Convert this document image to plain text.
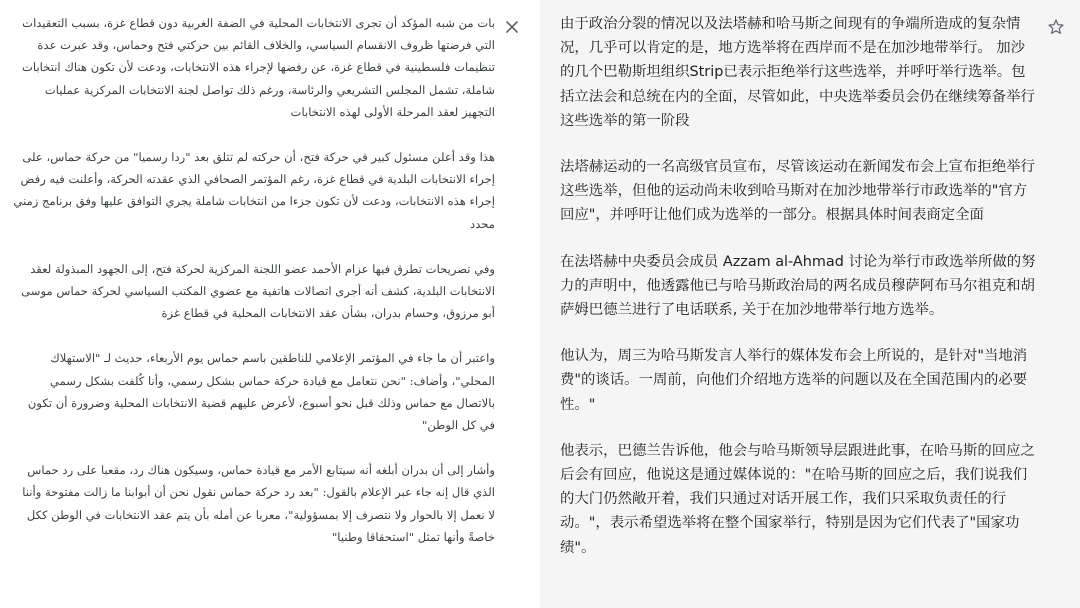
بات من شبه المؤكد أن تجرى الانتخابات المحلية في الضفة الغربية دون قطاع غزة، بسبب التعقيدات التي فرضتها ظروف الانقسام السياسي، والخلاف القائم بين حركتي فتح وحماس، وقد عبرت عدة تنظيمات فلسطينية في قطاع غزة، عن رفضها لإجراء هذه الانتخابات، ودعت لأن تكون هناك انتخابات شاملة، تشمل المجلس التشريعي والرئاسة، ورغم ذلك تواصل لجنة الانتخابات المركزية عمليات التجهيز لعقد المرحلة الأولى لهذه الانتخابات

هذا وقد أعلن مسئول كبير في حركة فتح، أن حركته لم تتلق بعد "ردا رسميا" من حركة حماس، على إجراء الانتخابات البلدية في قطاع غزة، رغم المؤتمر الصحافي الذي عقدته الحركة، وأعلنت فيه رفض إجراء هذه الانتخابات، ودعت لأن تكون جزءا من انتخابات شاملة يجري التوافق عليها وفق برنامج زمني محدد

وفي تصريحات تطرق فيها عزام الأحمد عضو اللجنة المركزية لحركة فتح، إلى الجهود المبذولة لعقد الانتخابات البلدية، كشف أنه أجرى اتصالات هاتفية مع عضوي المكتب السياسي لحركة حماس موسى أبو مرزوق، وحسام بدران، بشأن عقد الانتخابات المحلية في قطاع غزة

واعتبر أن ما جاء في المؤتمر الإعلامي للناطقين باسم حماس يوم الأربعاء، حديث لـ "الاستهلاك المحلي"، وأضاف: "نحن نتعامل مع قيادة حركة حماس بشكل رسمي، وأنا كُلفت بشكل رسمي بالاتصال مع حماس وذلك قبل نحو أسبوع، لأعرض عليهم قضية الانتخابات المحلية وضرورة أن تكون في كل الوطن"

وأشار إلى أن بدران أبلغه أنه سيتابع الأمر مع قيادة حماس، وسيكون هناك رد، مقعبا على رد حماس الذي قال إنه جاء عبر الإعلام بالقول: "بعد رد حركة حماس نقول نحن أن أبوابنا ما زالت مفتوحة وأننا لا نعمل إلا بالحوار ولا نتصرف إلا بمسؤولية"، معربا عن أمله بأن يتم عقد الانتخابات في الوطن ككل خاصةً وأنها تمثل "استحقاقا وطنيا"

由于政治分裂的情况以及法塔赫和哈马斯之间现有的争端所造成的复杂情况，几乎可以肯定的是，地方选举将在西岸而不是在加沙地带举行。 加沙的几个巴勒斯坦组织Strip已表示拒绝举行这些选举，并呼吁举行选举。包括立法会和总统在内的全面，尽管如此，中央选举委员会仍在继续筹备举行这些选举的第一阶段

法塔赫运动的一名高级官员宣布，尽管该运动在新闻发布会上宣布拒绝举行这些选举，但他的运动尚未收到哈马斯对在加沙地带举行市政选举的"官方回应"，并呼吁让他们成为选举的一部分。根据具体时间表商定全面

在法塔赫中央委员会成员 Azzam al-Ahmad 讨论为举行市政选举所做的努力的声明中，他透露他已与哈马斯政治局的两名成员穆萨阿布马尔祖克和胡萨姆巴德兰进行了电话联系, 关于在加沙地带举行地方选举。

他认为，周三为哈马斯发言人举行的媒体发布会上所说的，是针对"当地消费"的谈话。一周前，向他们介绍地方选举的问题以及在全国范围内的必要性。"

他表示，巴德兰告诉他，他会与哈马斯领导层跟进此事，在哈马斯的回应之后会有回应，他说这是通过媒体说的："在哈马斯的回应之后，我们说我们的大门仍然敞开着，我们只通过对话开展工作，我们只采取负责任的行动。"，表示希望选举将在整个国家举行，特别是因为它们代表了"国家功绩"。
